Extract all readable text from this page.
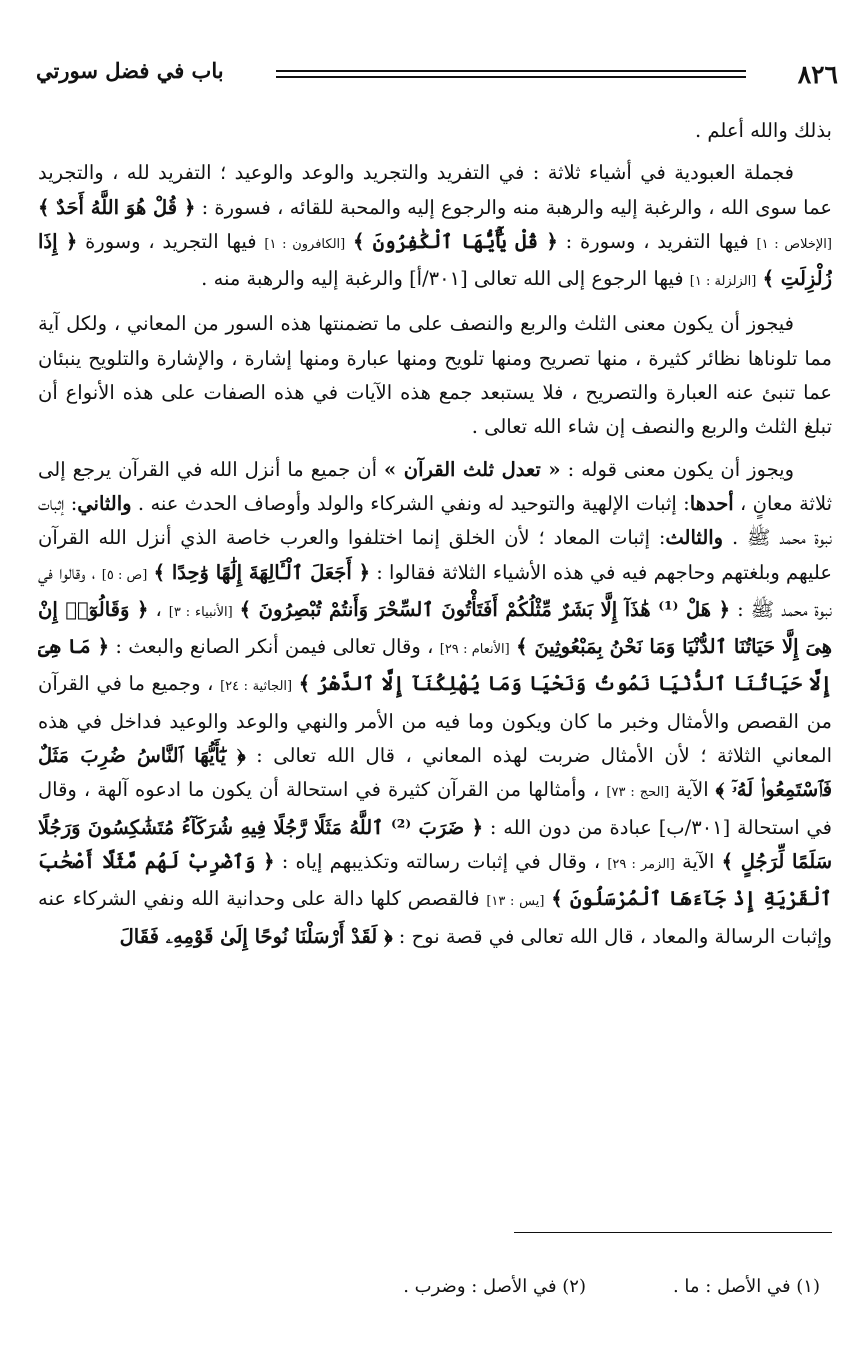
٨٢٦
باب في فضل سورتي

بذلك والله أعلم .

فجملة العبودية في أشياء ثلاثة : في التفريد والتجريد والوعد والوعيد ؛ التفريد لله ، والتجريد عما سوى الله ، والرغبة إليه والرهبة منه والرجوع إليه والمحبة للقائه ، فسورة : ﴿ قُلْ هُوَ اللَّهُ أَحَدٌ ﴾ [الإخلاص : ١] فيها التفريد ، وسورة : ﴿ قُلْ يَٰٓأَيُّهَا ٱلْكَٰفِرُونَ ﴾ [الكافرون : ١] فيها التجريد ، وسورة ﴿ إِذَا زُلْزِلَتِ ﴾ [الزلزلة : ١] فيها الرجوع إلى الله تعالى [٣٠١/أ] والرغبة إليه والرهبة منه .

فيجوز أن يكون معنى الثلث والربع والنصف على ما تضمنتها هذه السور من المعاني ، ولكل آية مما تلوناها نظائر كثيرة ، منها تصريح ومنها تلويح ومنها عبارة ومنها إشارة ، والإشارة والتلويح ينبئان عما تنبئ عنه العبارة والتصريح ، فلا يستبعد جمع هذه الآيات في هذه الصفات على هذه الأنواع أن تبلغ الثلث والربع والنصف إن شاء الله تعالى .

ويجوز أن يكون معنى قوله : « تعدل ثلث القرآن » أن جميع ما أنزل الله في القرآن يرجع إلى ثلاثة معانٍ ، أحدها: إثبات الإلهية والتوحيد له ونفي الشركاء والولد وأوصاف الحدث عنه . والثاني: إثبات نبوة محمد ﷺ . والثالث: إثبات المعاد ؛ لأن الخلق إنما اختلفوا والعرب خاصة الذي أنزل الله القرآن عليهم وبلغتهم وحاجهم فيه في هذه الأشياء الثلاثة فقالوا : ﴿ أَجَعَلَ ٱلْـَٔالِهَةَ إِلَٰهًا وَٰحِدًا ﴾ [ص : ٥] ، وقالوا في نبوة محمد ﷺ : ﴿ هَلْ ⁽¹⁾ هَٰذَآ إِلَّا بَشَرٌ مِّثْلُكُمْ أَفَتَأْتُونَ ٱلسِّحْرَ وَأَنتُمْ تُبْصِرُونَ ﴾ [الأنبياء : ٣] ، ﴿ وَقَالُوٓا۟ إِنْ هِىَ إِلَّا حَيَاتُنَا ٱلدُّنْيَا وَمَا نَحْنُ بِمَبْعُوثِينَ ﴾ [الأنعام : ٢٩] ، وقال تعالى فيمن أنكر الصانع والبعث : ﴿ مَا هِىَ إِلَّا حَيَاتُنَا ٱلدُّنْيَا نَمُوتُ وَنَحْيَا وَمَا يُهْلِكُنَآ إِلَّا ٱلدَّهْرُ ﴾ [الجاثية : ٢٤] ، وجميع ما في القرآن من القصص والأمثال وخبر ما كان ويكون وما فيه من الأمر والنهي والوعد والوعيد فداخل في هذه المعاني الثلاثة ؛ لأن الأمثال ضربت لهذه المعاني ، قال الله تعالى : ﴿ يَٰٓأَيُّهَا ٱلنَّاسُ ضُرِبَ مَثَلٌ فَٱسْتَمِعُوا۟ لَهُۥٓ ﴾ الآية [الحج : ٧٣] ، وأمثالها من القرآن كثيرة في استحالة أن يكون ما ادعوه آلهة ، وقال في استحالة [٣٠١/ب] عبادة من دون الله : ﴿ ضَرَبَ ⁽²⁾ ٱللَّهُ مَثَلًا رَّجُلًا فِيهِ شُرَكَآءُ مُتَشَٰكِسُونَ وَرَجُلًا سَلَمًا لِّرَجُلٍ ﴾ الآية [الزمر : ٢٩] ، وقال في إثبات رسالته وتكذيبهم إياه : ﴿ وَٱضْرِبْ لَهُم مَّثَلًا أَصْحَٰبَ ٱلْقَرْيَةِ إِذْ جَآءَهَا ٱلْمُرْسَلُونَ ﴾ [يس : ١٣] فالقصص كلها دالة على وحدانية الله ونفي الشركاء عنه وإثبات الرسالة والمعاد ، قال الله تعالى في قصة نوح : ﴿ لَقَدْ أَرْسَلْنَا نُوحًا إِلَىٰ قَوْمِهِۦ فَقَالَ

(١) في الأصل : ما .
(٢) في الأصل : وضرب .
